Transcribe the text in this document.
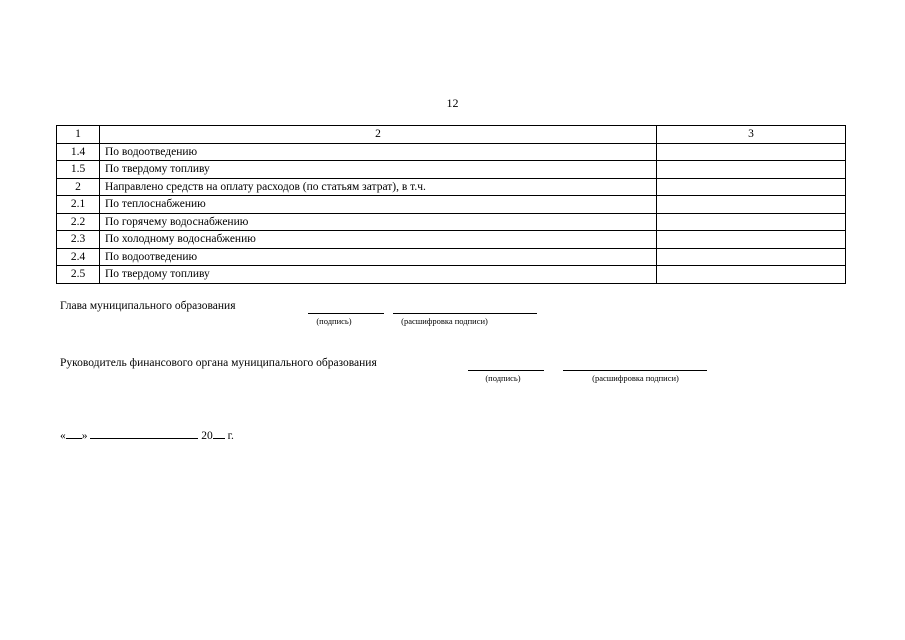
12
1	2	3
1.4	По водоотведению	
1.5	По твердому топливу	
2	Направлено средств на оплату расходов (по статьям затрат), в т.ч.	
2.1	По теплоснабжению	
2.2	По горячему водоснабжению	
2.3	По холодному водоснабжению	
2.4	По водоотведению	
2.5	По твердому топливу	
Глава муниципального образования
(подпись)	(расшифровка подписи)
Руководитель финансового органа муниципального образования
(подпись)	(расшифровка подписи)
« »	20 г.
